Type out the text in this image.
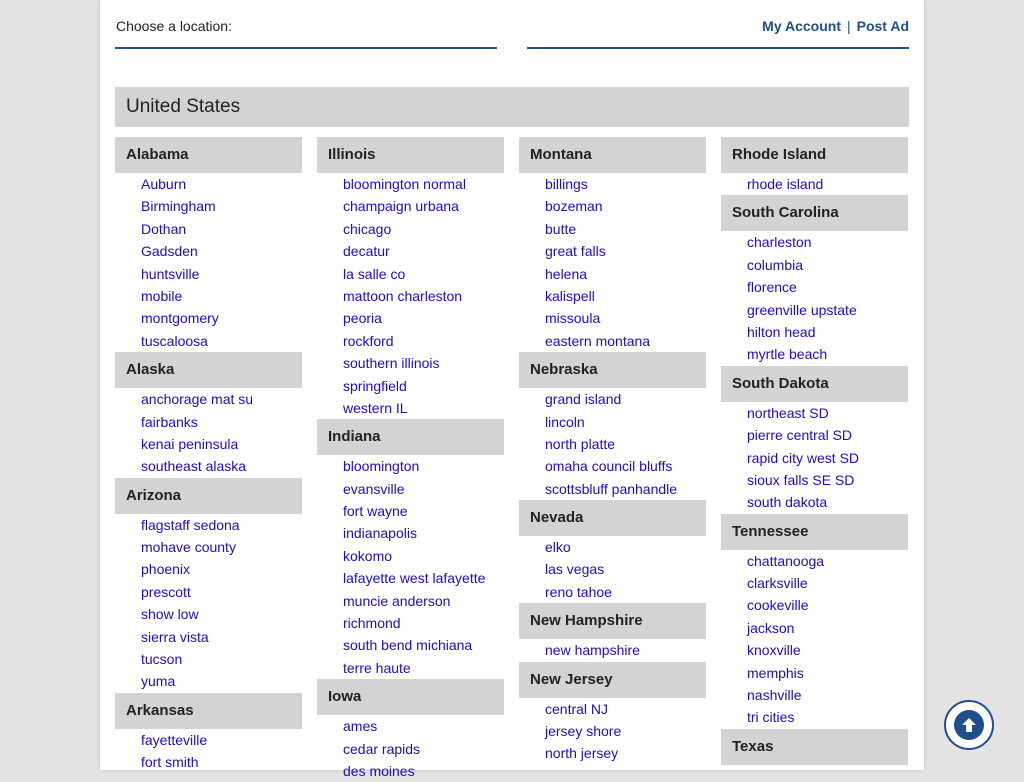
Choose a location:	My Account | Post Ad
United States
Alabama
Auburn
Birmingham
Dothan
Gadsden
huntsville
mobile
montgomery
tuscaloosa
Alaska
anchorage mat su
fairbanks
kenai peninsula
southeast alaska
Arizona
flagstaff sedona
mohave county
phoenix
prescott
show low
sierra vista
tucson
yuma
Arkansas
fayetteville
fort smith
Illinois
bloomington normal
champaign urbana
chicago
decatur
la salle co
mattoon charleston
peoria
rockford
southern illinois
springfield
western IL
Indiana
bloomington
evansville
fort wayne
indianapolis
kokomo
lafayette west lafayette
muncie anderson
richmond
south bend michiana
terre haute
Iowa
ames
cedar rapids
des moines
Montana
billings
bozeman
butte
great falls
helena
kalispell
missoula
eastern montana
Nebraska
grand island
lincoln
north platte
omaha council bluffs
scottsbluff panhandle
Nevada
elko
las vegas
reno tahoe
New Hampshire
new hampshire
New Jersey
central NJ
jersey shore
north jersey
Rhode Island
rhode island
South Carolina
charleston
columbia
florence
greenville upstate
hilton head
myrtle beach
South Dakota
northeast SD
pierre central SD
rapid city west SD
sioux falls SE SD
south dakota
Tennessee
chattanooga
clarksville
cookeville
jackson
knoxville
memphis
nashville
tri cities
Texas
